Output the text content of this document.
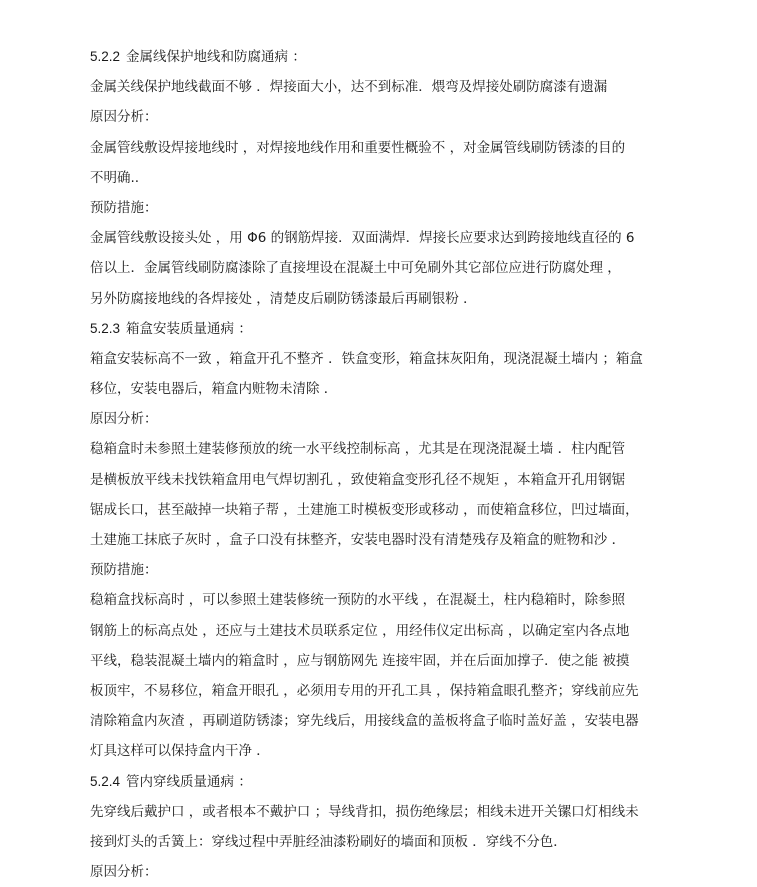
5.2.2 金属线保护地线和防腐通病 ：
金属关线保护地线截面不够 ．焊接面大小，达不到标准．煨弯及焊接处刷防腐漆有遗漏
原因分析：
金属管线敷设焊接地线时 ，对焊接地线作用和重要性概验不 ，对金属管线刷防锈漆的目的
不明确..
预防措施：
金属管线敷设接头处 ，用 Φ6 的钢筋焊接．双面满焊．焊接长应要求达到跨接地线直径的 6
倍以上．金属管线刷防腐漆除了直接埋设在混凝土中可免刷外其它部位应进行防腐处理 ，
另外防腐接地线的各焊接处 ，清楚皮后刷防锈漆最后再刷银粉 ．
5.2.3 箱盒安装质量通病 ：
箱盒安装标高不一致 ，箱盒开孔不整齐 ．铁盒变形，箱盒抹灰阳角，现浇混凝土墙内 ；箱盒
移位，安装电器后，箱盒内赃物未清除 ．
原因分析：
稳箱盒时未参照土建装修预放的统一水平线控制标高 ，尤其是在现浇混凝土墙 ．柱内配管
是横板放平线未找铁箱盒用电气焊切割孔 ，致使箱盒变形孔径不规矩 ，本箱盒开孔用钢锯
锯成长口，甚至敲掉一块箱子帮 ，土建施工时模板变形或移动 ，而使箱盒移位，凹过墙面，
土建施工抹底子灰时 ，盒子口没有抹整齐，安装电器时没有清楚残存及箱盒的赃物和沙 ．
预防措施：
稳箱盒找标高时 ，可以参照土建装修统一预防的水平线 ，在混凝土，柱内稳箱时，除参照
钢筋上的标高点处 ，还应与土建技术员联系定位 ，用经伟仪定出标高 ，以确定室内各点地
平线，稳装混凝土墙内的箱盒时 ，应与钢筋网先 连接牢固，并在后面加撑子．使之能 被摸
板顶牢，不易移位，箱盒开眼孔 ，必须用专用的开孔工具 ，保持箱盒眼孔整齐；穿线前应先
清除箱盒内灰渣 ，再刷道防锈漆；穿先线后，用接线盒的盖板将盒子临时盖好盖 ，安装电器
灯具这样可以保持盒内干净 ．
5.2.4 管内穿线质量通病 ：
先穿线后戴护口 ，或者根本不戴护口 ；导线背扣，损伤绝缘层；相线未进开关镙口灯相线未
接到灯头的舌簧上：穿线过程中弄脏经油漆粉刷好的墙面和顶板 ．穿线不分色．
原因分析：
